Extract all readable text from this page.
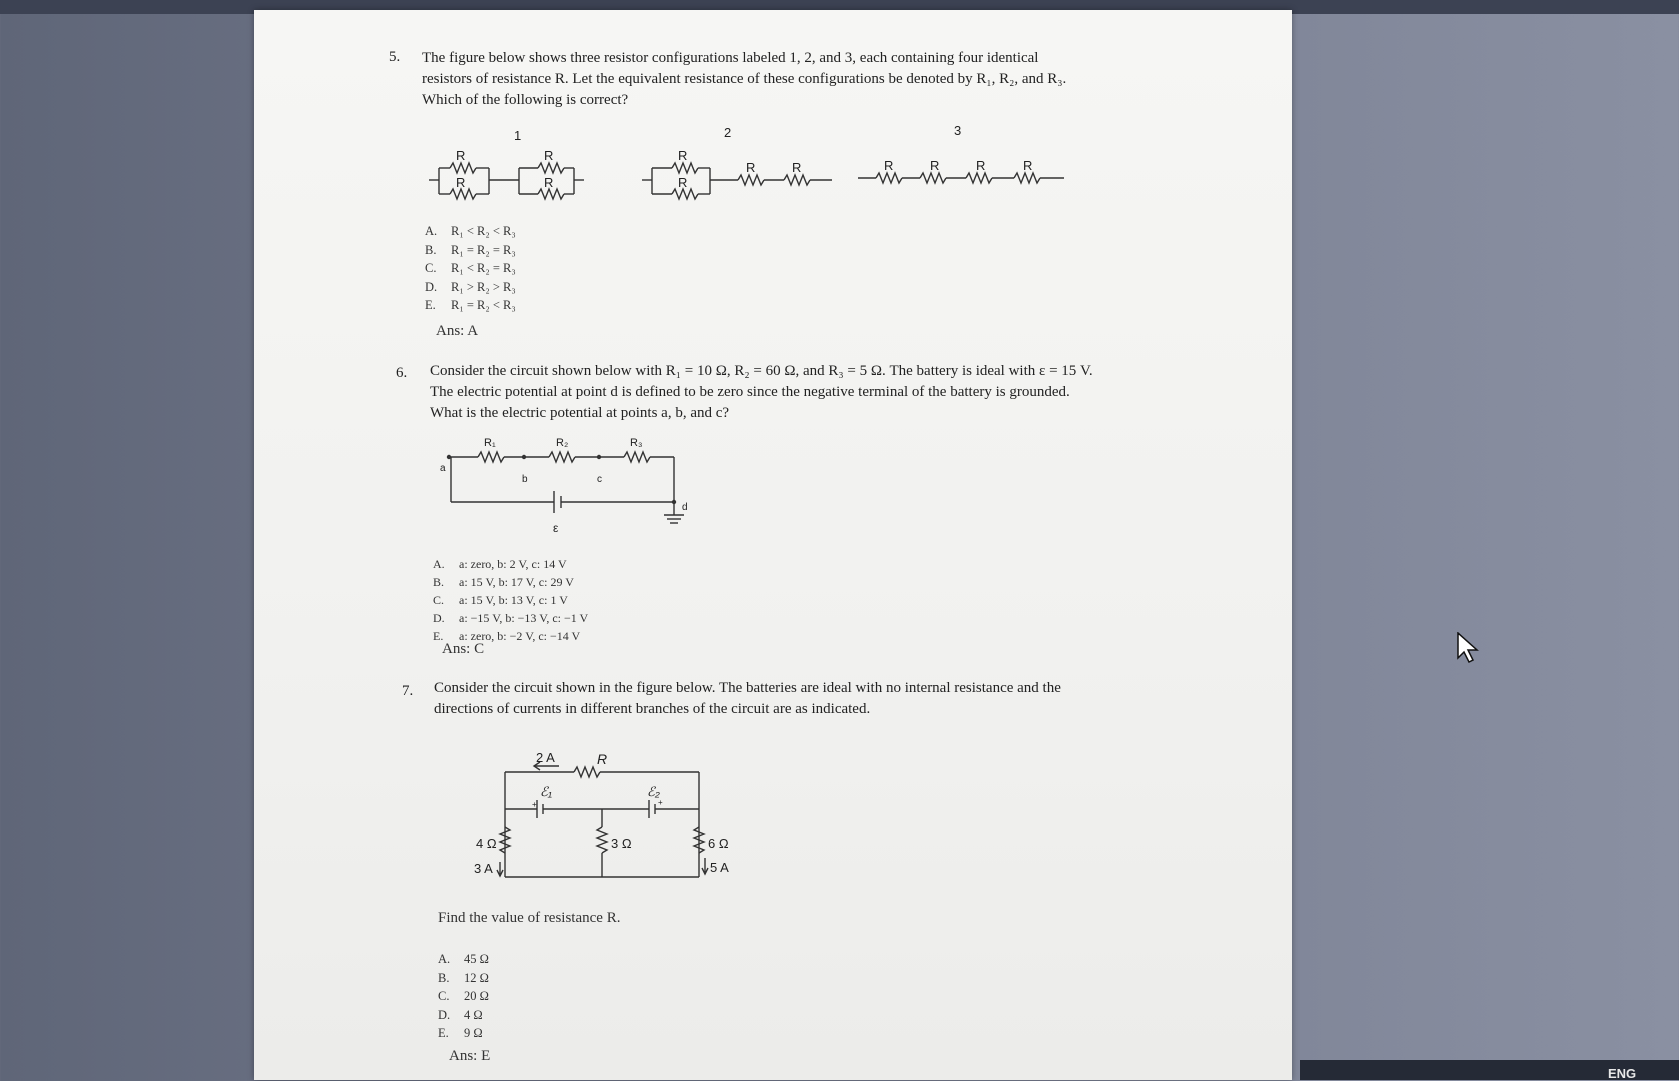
5. The figure below shows three resistor configurations labeled 1, 2, and 3, each containing four identical
resistors of resistance R. Let the equivalent resistance of these configurations be denoted by R₁, R₂, and R₃.
Which of the following is correct?
1	2	3
R
R
R
R
R
R
R	R	R	R	R	R
A.	R₁ < R₂ < R₃
B.	R₁ = R₂ = R₃
C.	R₁ < R₂ = R₃
D.	R₁ > R₂ > R₃
E.	R₁ = R₂ < R₃
Ans: A
6. Consider the circuit shown below with R₁ = 10 Ω, R₂ = 60 Ω, and R₃ = 5 Ω. The battery is ideal with ε = 15 V.
The electric potential at point d is defined to be zero since the negative terminal of the battery is grounded.
What is the electric potential at points a, b, and c?
R₁	R₂	R₃
a
b	c
d
ε
A.	a: zero, b: 2 V, c: 14 V
B.	a: 15 V, b: 17 V, c: 29 V
C.	a: 15 V, b: 13 V, c: 1 V
D.	a: −15 V, b: −13 V, c: −1 V
E.	a: zero, b: −2 V, c: −14 V
Ans: C
7. Consider the circuit shown in the figure below. The batteries are ideal with no internal resistance and the
directions of currents in different branches of the circuit are as indicated.
+	+
2 A	R
ℰ₁	ℰ₂
4 Ω
3 A
3 Ω	6 Ω
5 A
Find the value of resistance R.
A.	45 Ω
B.	12 Ω
C.	20 Ω
D.	4 Ω
E.	9 Ω
Ans: E
ENG
